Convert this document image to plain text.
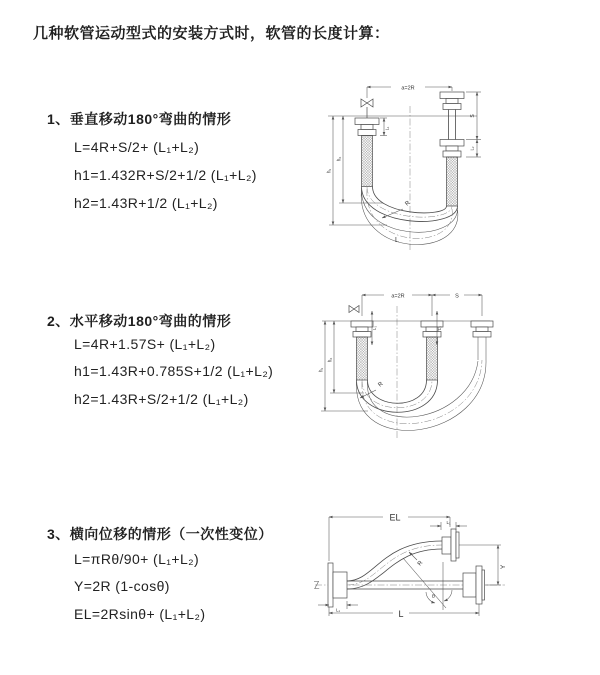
几种软管运动型式的安装方式时，软管的长度计算：
1、垂直移动180°弯曲的情形
L=4R+S/2+ (L₁+L₂)
h1=1.432R+S/2+1/2 (L₁+L₂)
h2=1.43R+1/2 (L₁+L₂)
2、水平移动180°弯曲的情形
L=4R+1.57S+ (L₁+L₂)
h1=1.43R+0.785S+1/2 (L₁+L₂)
h2=1.43R+S/2+1/2 (L₁+L₂)
3、横向位移的情形（一次性变位）
L=πRθ/90+ (L₁+L₂)
Y=2R (1-cosθ)
EL=2Rsinθ+ (L₁+L₂)
a=2R
L₁
S
L₂
h₁
h₂
R
L
a=2R	S
L₁	L₂
h₁
h₂
R
EL	L₁
Y
L
L₁
R
θ
